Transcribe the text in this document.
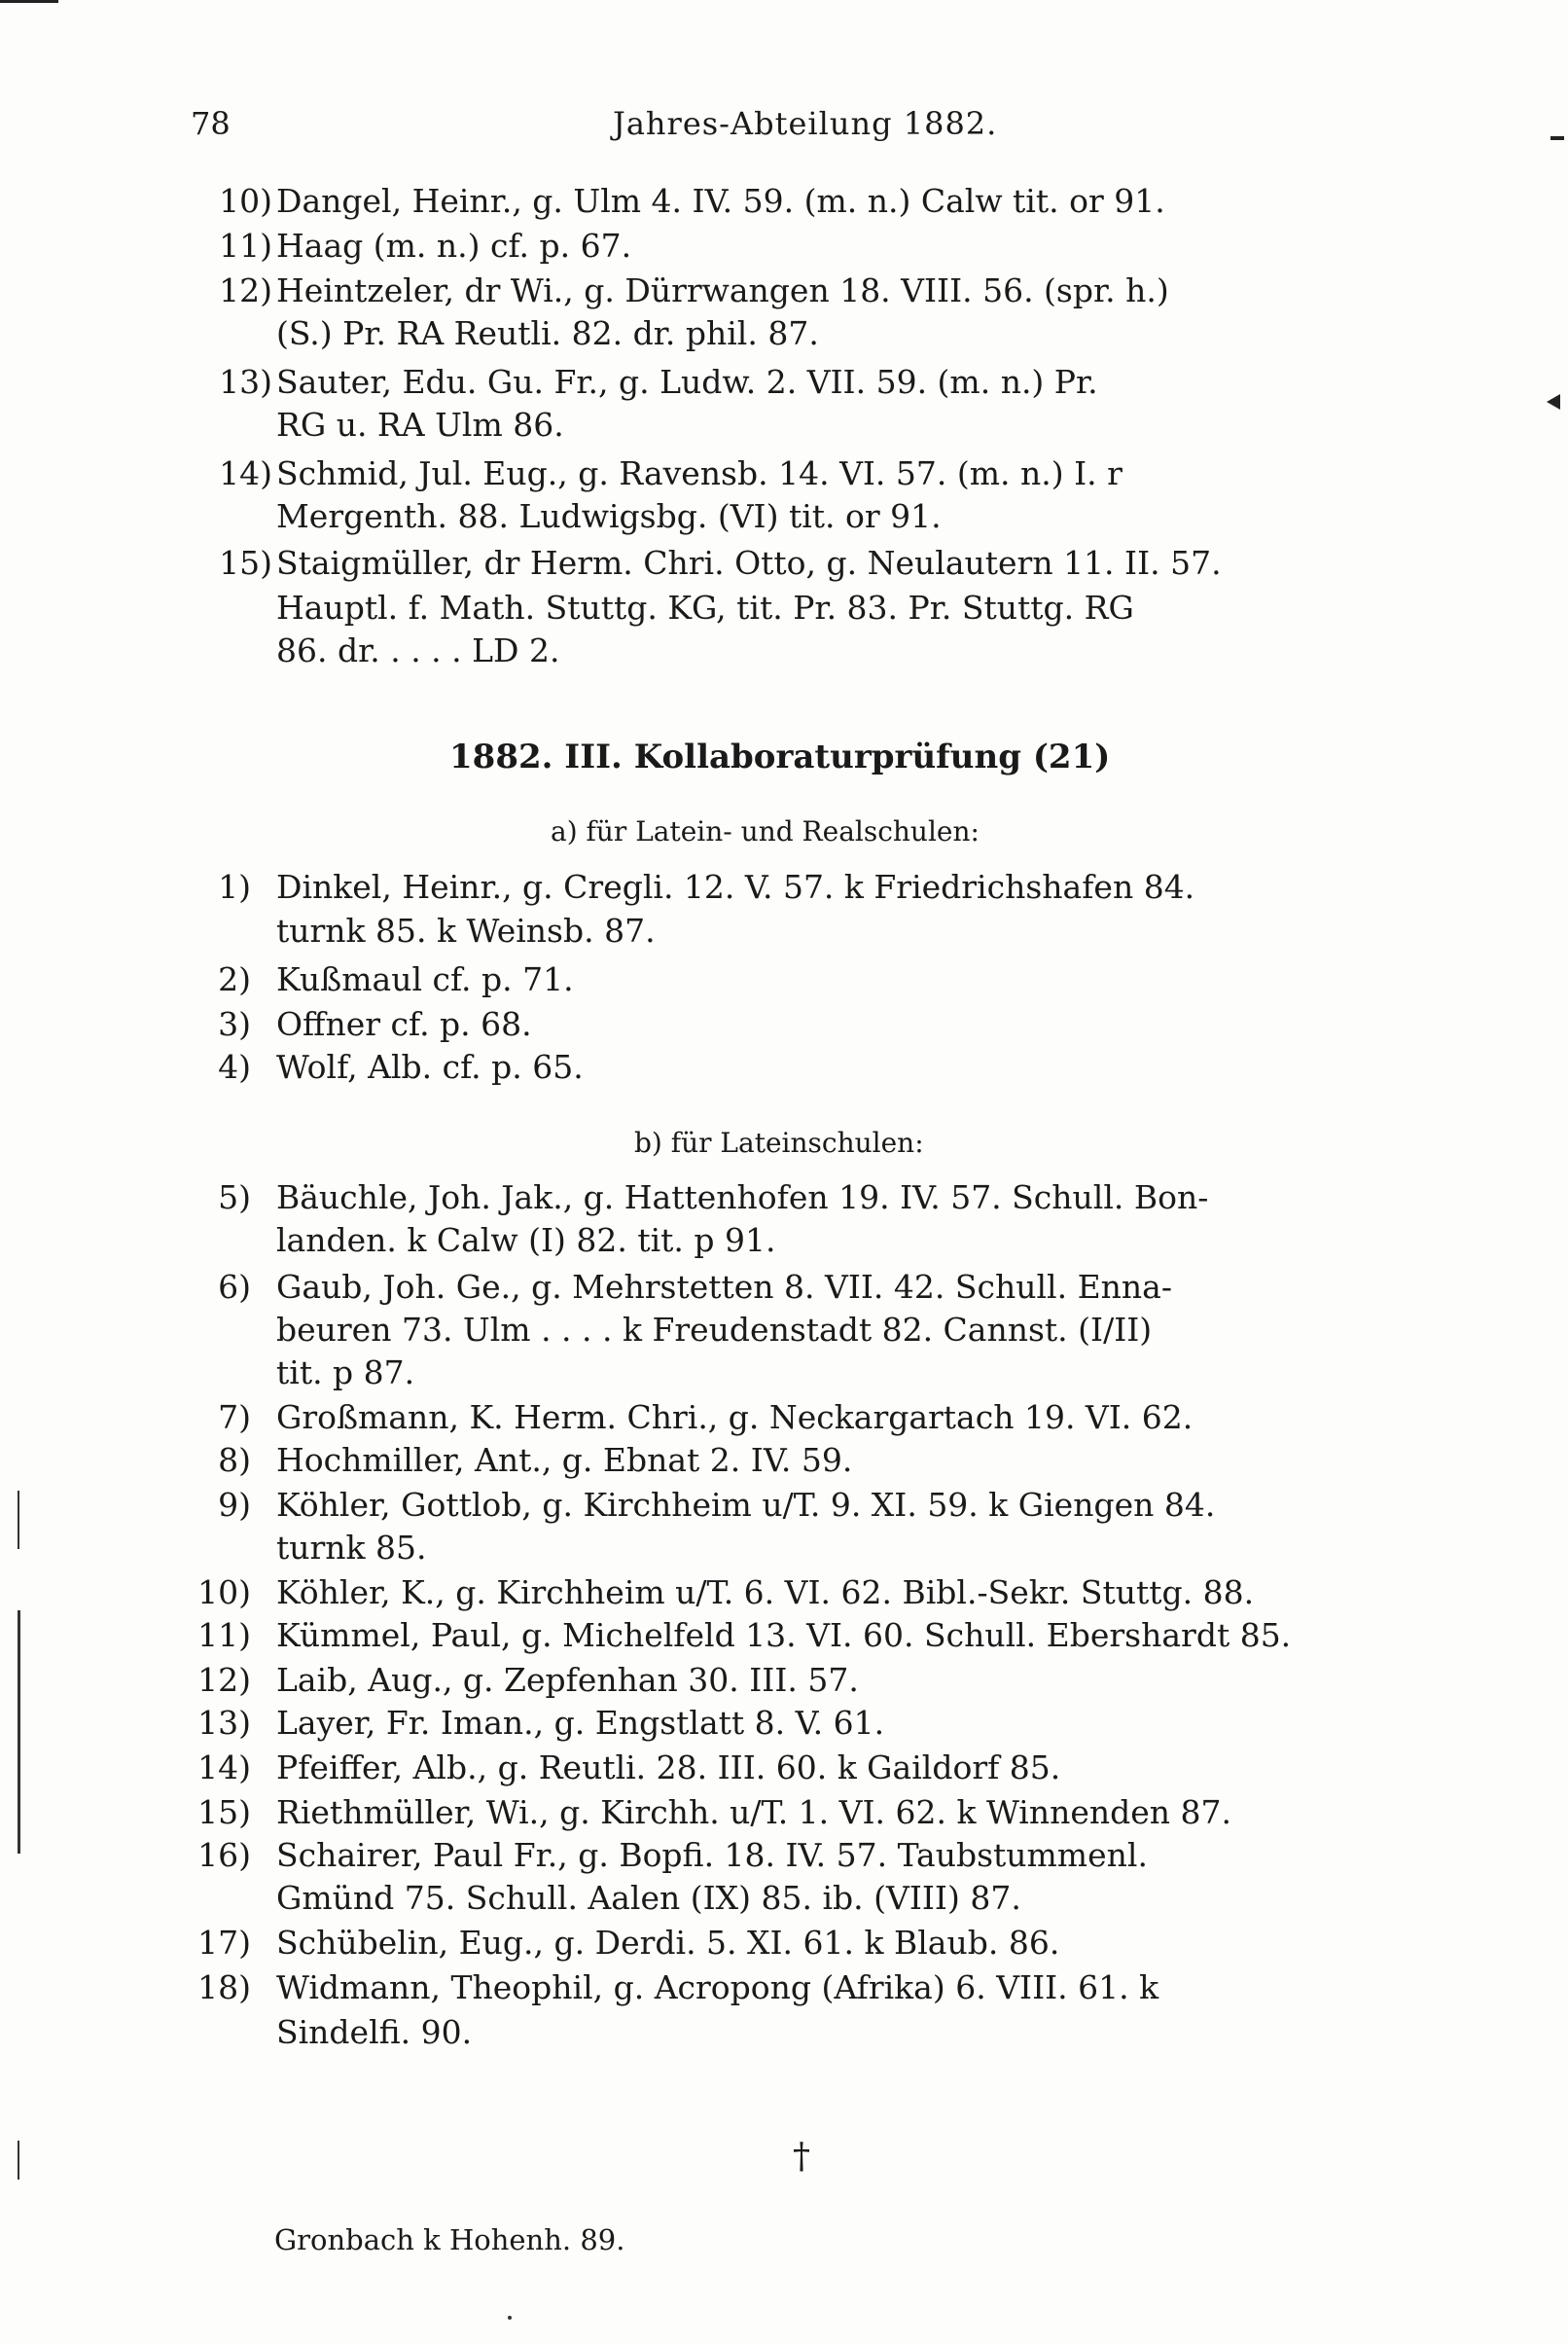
78	Jahres-Abteilung 1882.
10) Dangel, Heinr., g. Ulm 4. IV. 59. (m. n.) Calw tit. or 91.
11) Haag (m. n.) cf. p. 67.
12) Heintzeler, dr Wi., g. Dürrwangen 18. VIII. 56. (spr. h.)
(S.) Pr. RA Reutli. 82. dr. phil. 87.
13) Sauter, Edu. Gu. Fr., g. Ludw. 2. VII. 59. (m. n.) Pr.
RG u. RA Ulm 86.
14) Schmid, Jul. Eug., g. Ravensb. 14. VI. 57. (m. n.) I. r
Mergenth. 88. Ludwigsbg. (VI) tit. or 91.
15) Staigmüller, dr Herm. Chri. Otto, g. Neulautern 11. II. 57.
Hauptl. f. Math. Stuttg. KG, tit. Pr. 83. Pr. Stuttg. RG
86. dr. . . . . LD 2.
1882. III. Kollaboraturprüfung (21)
a) für Latein- und Realschulen:
1) Dinkel, Heinr., g. Cregli. 12. V. 57. k Friedrichshafen 84.
turnk 85. k Weinsb. 87.
2) Kußmaul cf. p. 71.
3) Offner cf. p. 68.
4) Wolf, Alb. cf. p. 65.
b) für Lateinschulen:
5) Bäuchle, Joh. Jak., g. Hattenhofen 19. IV. 57. Schull. Bon-
landen. k Calw (I) 82. tit. p 91.
6) Gaub, Joh. Ge., g. Mehrstetten 8. VII. 42. Schull. Enna-
beuren 73. Ulm . . . . k Freudenstadt 82. Cannst. (I/II)
tit. p 87.
7) Großmann, K. Herm. Chri., g. Neckargartach 19. VI. 62.
8) Hochmiller, Ant., g. Ebnat 2. IV. 59.
9) Köhler, Gottlob, g. Kirchheim u/T. 9. XI. 59. k Giengen 84.
turnk 85.
10) Köhler, K., g. Kirchheim u/T. 6. VI. 62. Bibl.-Sekr. Stuttg. 88.
11) Kümmel, Paul, g. Michelfeld 13. VI. 60. Schull. Ebershardt 85.
12) Laib, Aug., g. Zepfenhan 30. III. 57.
13) Layer, Fr. Iman., g. Engstlatt 8. V. 61.
14) Pfeiffer, Alb., g. Reutli. 28. III. 60. k Gaildorf 85.
15) Riethmüller, Wi., g. Kirchh. u/T. 1. VI. 62. k Winnenden 87.
16) Schairer, Paul Fr., g. Bopfi. 18. IV. 57. Taubstummenl.
Gmünd 75. Schull. Aalen (IX) 85. ib. (VIII) 87.
17) Schübelin, Eug., g. Derdi. 5. XI. 61. k Blaub. 86.
18) Widmann, Theophil, g. Acropong (Afrika) 6. VIII. 61. k
Sindelfi. 90.
†
Gronbach k Hohenh. 89.
